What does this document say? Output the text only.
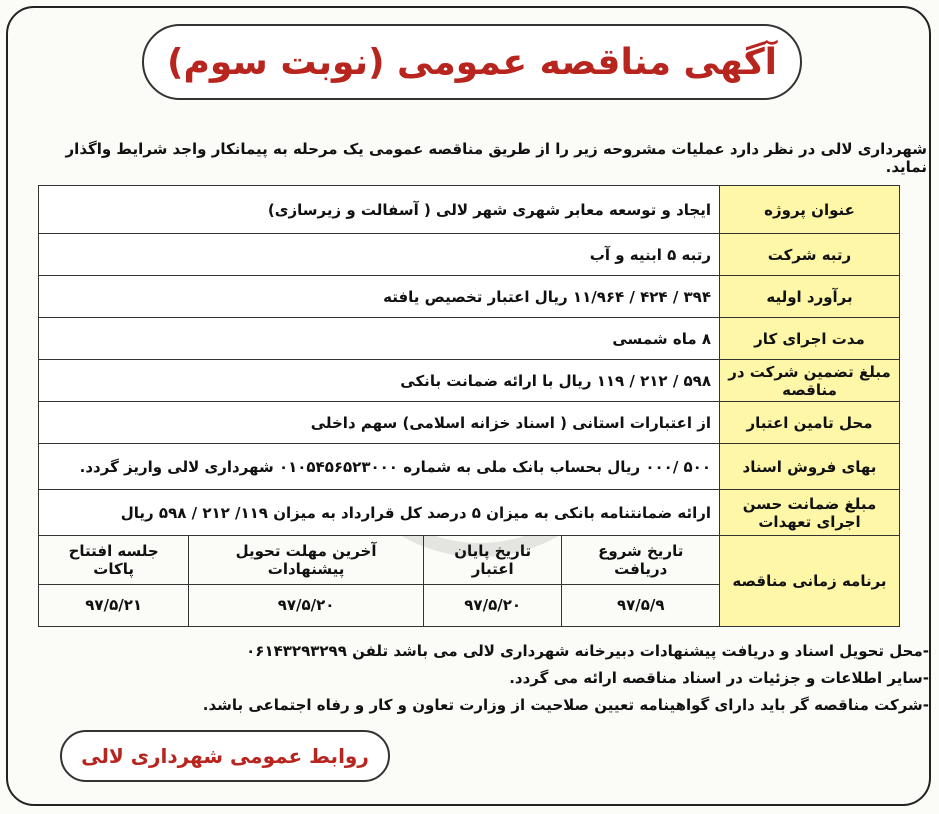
آگهی مناقصه عمومی (نوبت سوم)
شهرداری لالی در نظر دارد عملیات مشروحه زیر را از طریق مناقصه عمومی یک مرحله به پیمانکار واجد شرایط واگذار نماید.
عنوان پروژه	ایجاد و توسعه معابر شهری شهر لالی ( آسفالت و زیرسازی)
رتبه شرکت	رتبه ۵ ابنیه و آب
برآورد اولیه	۳۹۴ / ۴۲۴ / ۱۱/۹۶۴ ریال اعتبار تخصیص یافته
مدت اجرای کار	۸ ماه شمسی
مبلغ تضمین شرکت در مناقصه	۵۹۸ / ۲۱۲ / ۱۱۹ ریال با ارائه ضمانت بانکی
محل تامین اعتبار	از اعتبارات استانی ( اسناد خزانه اسلامی) سهم داخلی
بهای فروش اسناد	۵۰۰ /۰۰۰ ریال بحساب بانک ملی به شماره ۰۱۰۵۴۵۶۵۲۳۰۰۰ شهرداری لالی واریز گردد.
مبلغ ضمانت حسن اجرای تعهدات	ارائه ضمانتنامه بانکی به میزان ۵ درصد کل قرارداد به میزان ۱۱۹/ ۲۱۲ / ۵۹۸ ریال
برنامه زمانی مناقصه	
تاریخ شروع دریافت	تاریخ پایان اعتبار	آخرین مهلت تحویل پیشنهادات	جلسه افتتاح پاکات
۹۷/۵/۹	۹۷/۵/۲۰	۹۷/۵/۲۰	۹۷/۵/۲۱
-محل تحویل اسناد و دریافت پیشنهادات دبیرخانه شهرداری لالی می باشد تلفن ۰۶۱۴۳۲۹۳۲۹۹
-سایر اطلاعات و جزئیات در اسناد مناقصه ارائه می گردد.
-شرکت مناقصه گر باید دارای گواهینامه تعیین صلاحیت از وزارت تعاون و کار و رفاه اجتماعی باشد.
روابط عمومی شهرداری لالی
